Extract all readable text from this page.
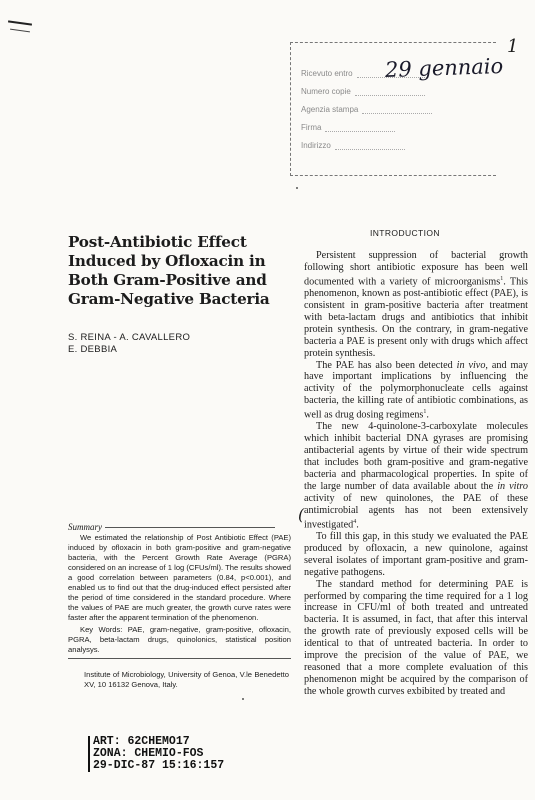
Ricevuto entro
Numero copie
Agenzia stampa
Firma
Indirizzo
29 gennaio
1
Post-Antibiotic Effect Induced by Ofloxacin in Both Gram-Positive and Gram-Negative Bacteria
S. REINA - A. CAVALLERO
E. DEBBIA
Summary

We estimated the relationship of Post Antibiotic Effect (PAE) induced by ofloxacin in both gram-positive and gram-negative bacteria, with the Percent Growth Rate Average (PGRA) considered on an increase of 1 log (CFUs/ml). The results showed a good correlation between parameters (0.84, p<0.001), and enabled us to find out that the drug-induced effect persisted after the period of time considered in the standard procedure. Where the values of PAE are much greater, the growth curve rates were faster after the apparent termination of the phenomenon.

Key Words: PAE, gram-negative, gram-positive, ofloxacin, PGRA, beta-lactam drugs, quinolonics, statistical position analysys.

Institute of Microbiology, University of Genoa, V.le Benedetto XV, 10 16132 Genova, Italy.
INTRODUCTION

Persistent suppression of bacterial growth following short antibiotic exposure has been well documented with a variety of microorganisms$^1$. This phenomenon, known as post-antibiotic effect (PAE), is consistent in gram-positive bacteria after treatment with beta-lactam drugs and antibiotics that inhibit protein synthesis. On the contrary, in gram-negative bacteria a PAE is present only with drugs which affect protein synthesis.

The PAE has also been detected in vivo, and may have important implications by influencing the activity of the polymorphonucleate cells against bacteria, the killing rate of antibiotic combinations, as well as drug dosing regimens$^1$.

The new 4-quinolone-3-carboxylate molecules which inhibit bacterial DNA gyrases are promising antibacterial agents by virtue of their wide spectrum that includes both gram-positive and gram-negative bacteria and pharmacological properties. In spite of the large number of data available about the in vitro activity of new quinolones, the PAE of these antimicrobial agents has not been extensively investigated$^4$.

To fill this gap, in this study we evaluated the PAE produced by ofloxacin, a new quinolone, against several isolates of important gram-positive and gram-negative pathogens.

The standard method for determining PAE is performed by comparing the time required for a 1 log increase in CFU/ml of both treated and untreated bacteria. It is assumed, in fact, that after this interval the growth rate of previously exposed cells will be identical to that of untreated bacteria. In order to improve the precision of the value of PAE, we reasoned that a more complete evaluation of this phenomenon might be acquired by the comparison of the whole growth curves exbibited by treated and

(
ART: 62CHEMO17
ZONA: CHEMIO-FOS
29-DIC-87 15:16:157
